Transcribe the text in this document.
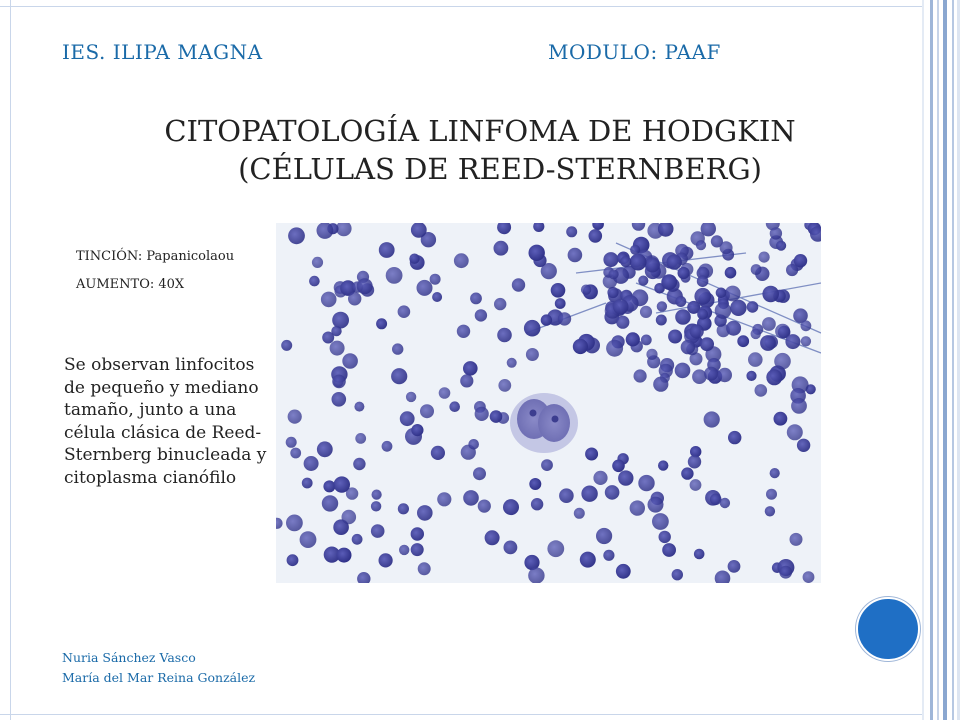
IES. ILIPA MAGNA	MODULO: PAAF
CITOPATOLOGÍA LINFOMA DE HODGKIN
(CÉLULAS DE REED-STERNBERG)
TINCIÓN: Papanicolaou
AUMENTO: 40X
Se observan linfocitos de pequeño y mediano tamaño, junto a una célula clásica de Reed-Sternberg binucleada y citoplasma cianófilo
Nuria Sánchez Vasco
María del Mar Reina González
